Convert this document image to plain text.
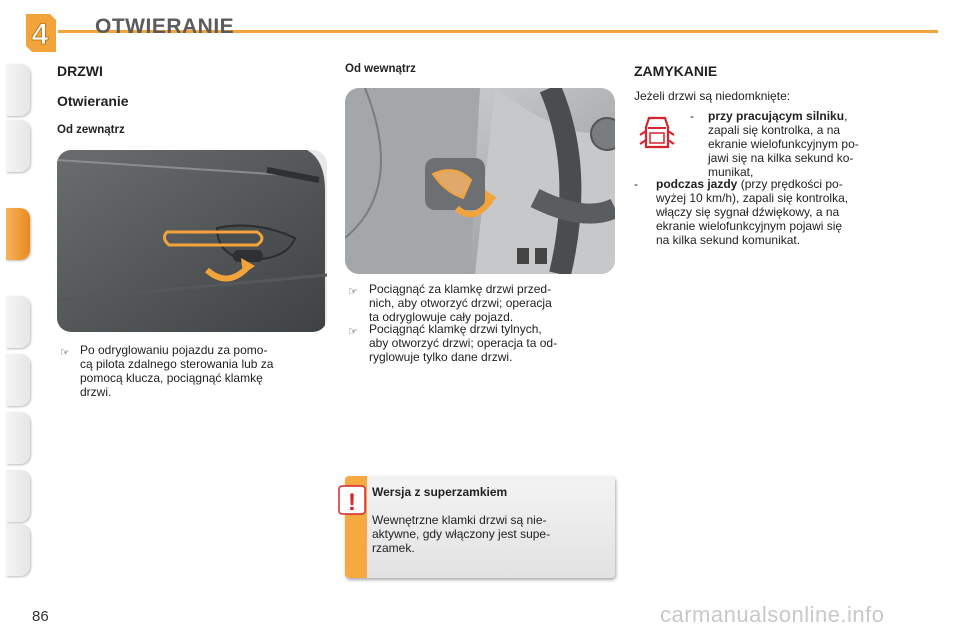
4 OTWIERANIE
DRZWI
Otwieranie
Od zewnątrz
☞ Po odryglowaniu pojazdu za pomo-
cą pilota zdalnego sterowania lub za
pomocą klucza, pociągnąć klamkę
drzwi.
Od wewnątrz
☞ Pociągnąć za klamkę drzwi przed-
nich, aby otworzyć drzwi; operacja
ta odryglowuje cały pojazd.
☞ Pociągnąć klamkę drzwi tylnych,
aby otworzyć drzwi; operacja ta od-
ryglowuje tylko dane drzwi.
ZAMYKANIE
Jeżeli drzwi są niedomknięte:
- przy pracującym silniku,
zapali się kontrolka, a na
ekranie wielofunkcyjnym po-
jawi się na kilka sekund ko-
munikat,
- podczas jazdy (przy prędkości po-
wyżej 10 km/h), zapali się kontrolka,
włączy się sygnał dźwiękowy, a na
ekranie wielofunkcyjnym pojawi się
na kilka sekund komunikat.
! Wersja z superzamkiem
Wewnętrzne klamki drzwi są nie-
aktywne, gdy włączony jest supe-
rzamek.
86	carmanualsonline.info
